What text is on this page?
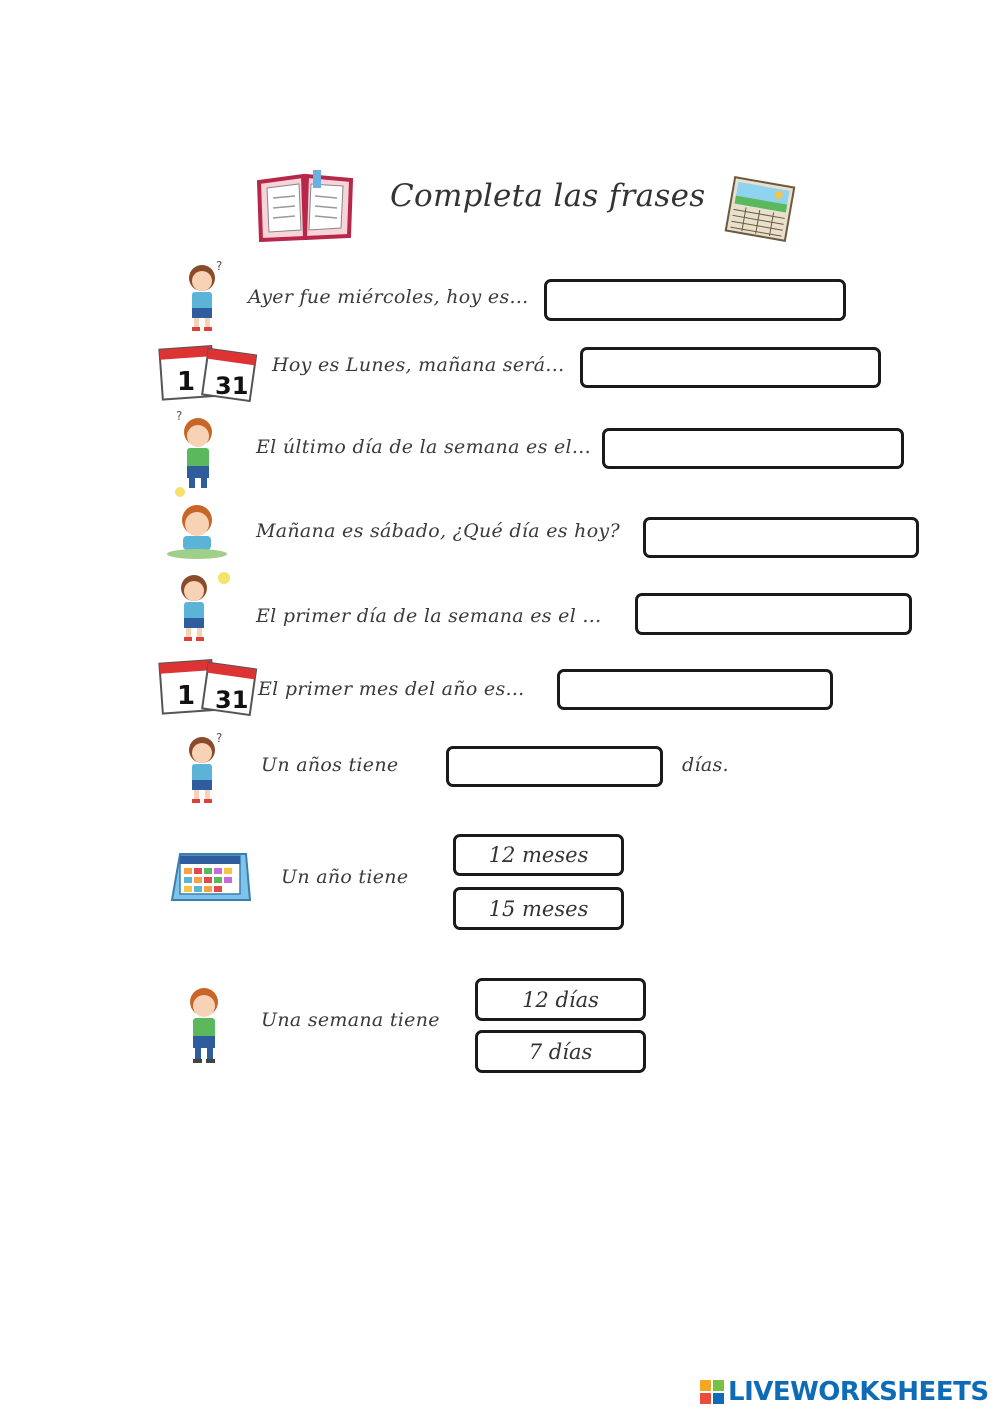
Completa las frases
?
Ayer fue miércoles, hoy es...
1 31
Hoy es Lunes, mañana será...
?
El último día de la semana es el...
Mañana es sábado, ¿Qué día es hoy?
El primer día de la semana es el ...
1 31 El primer mes del año es...
?
Un años tiene	días.
Un año tiene
12 meses
15 meses
Una semana tiene
12 días
7 días
LIVEWORKSHEETS
